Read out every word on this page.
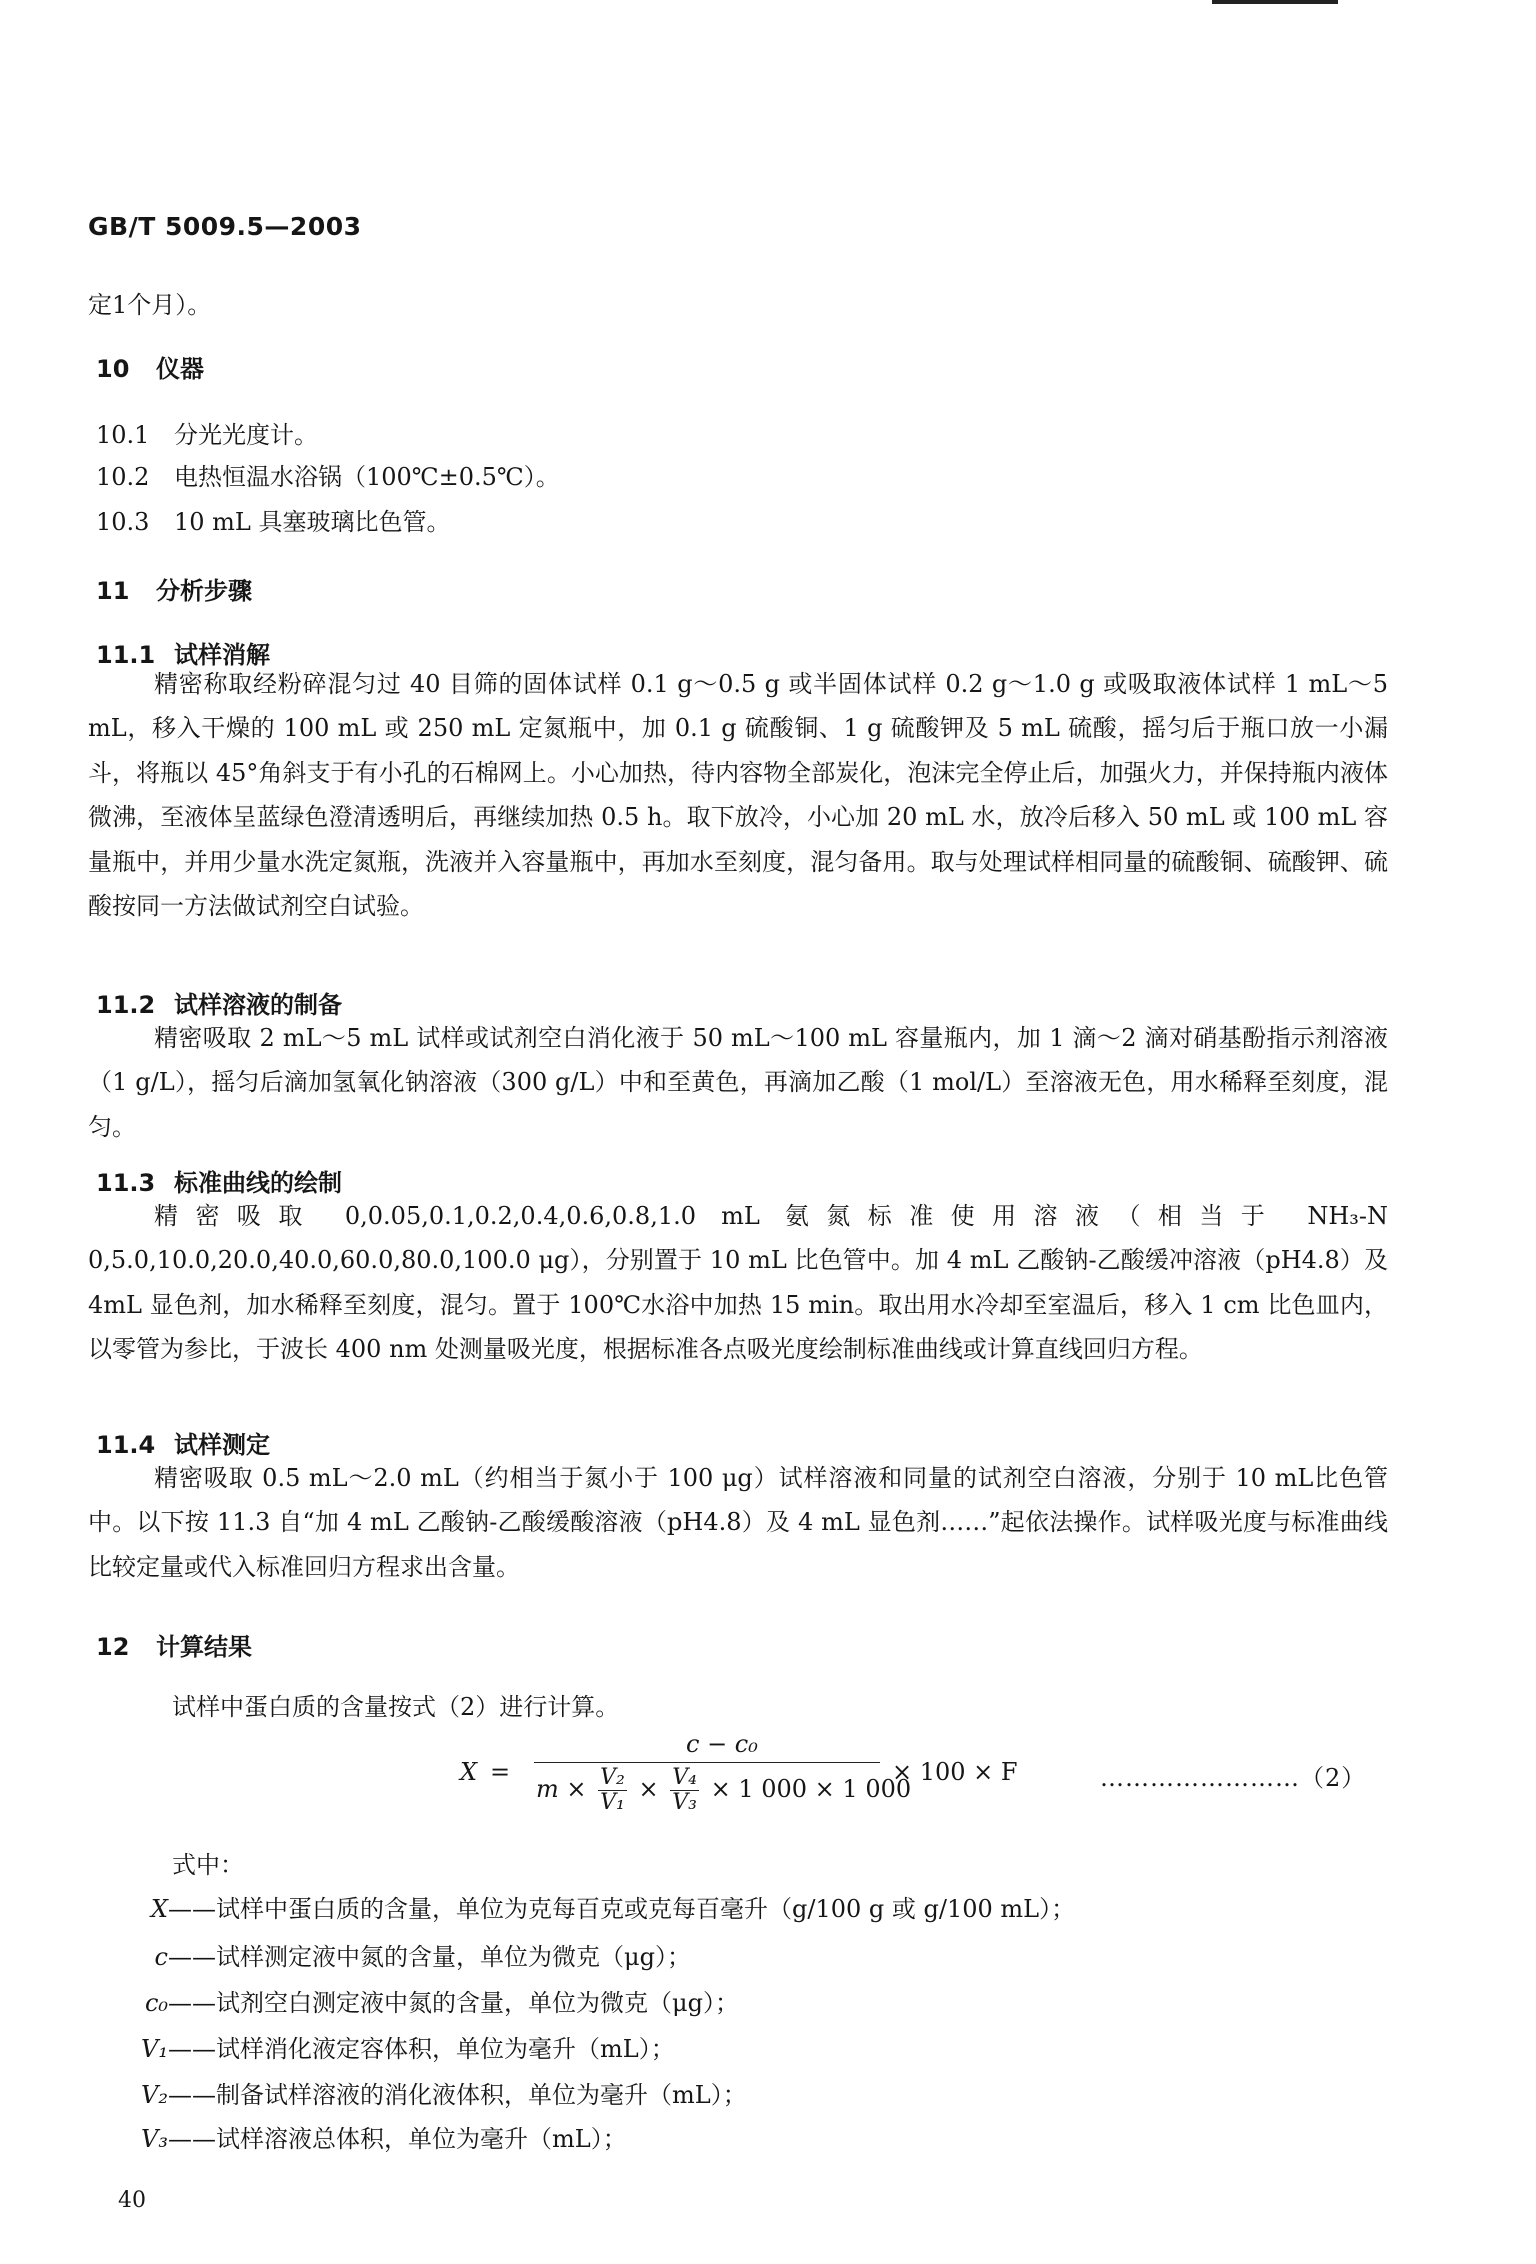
GB/T 5009.5—2003
定1个月）。
10 仪器
10.1 分光光度计。
10.2 电热恒温水浴锅（100℃±0.5℃）。
10.3 10 mL 具塞玻璃比色管。
11 分析步骤
11.1 试样消解
精密称取经粉碎混匀过 40 目筛的固体试样 0.1 g～0.5 g 或半固体试样 0.2 g～1.0 g 或吸取液体试样 1 mL～5 mL，移入干燥的 100 mL 或 250 mL 定氮瓶中，加 0.1 g 硫酸铜、1 g 硫酸钾及 5 mL 硫酸，摇匀后于瓶口放一小漏斗，将瓶以 45°角斜支于有小孔的石棉网上。小心加热，待内容物全部炭化，泡沫完全停止后，加强火力，并保持瓶内液体微沸，至液体呈蓝绿色澄清透明后，再继续加热 0.5 h。取下放冷，小心加 20 mL 水，放冷后移入 50 mL 或 100 mL 容量瓶中，并用少量水洗定氮瓶，洗液并入容量瓶中，再加水至刻度，混匀备用。取与处理试样相同量的硫酸铜、硫酸钾、硫酸按同一方法做试剂空白试验。
11.2 试样溶液的制备
精密吸取 2 mL～5 mL 试样或试剂空白消化液于 50 mL～100 mL 容量瓶内，加 1 滴～2 滴对硝基酚指示剂溶液（1 g/L），摇匀后滴加氢氧化钠溶液（300 g/L）中和至黄色，再滴加乙酸（1 mol/L）至溶液无色，用水稀释至刻度，混匀。
11.3 标准曲线的绘制
精密吸取 0,0.05,0.1,0.2,0.4,0.6,0.8,1.0 mL 氨氮标准使用溶液（相当于 NH₃-N 0,5.0,10.0,20.0,40.0,60.0,80.0,100.0 μg），分别置于 10 mL 比色管中。加 4 mL 乙酸钠-乙酸缓冲溶液（pH4.8）及 4mL 显色剂，加水稀释至刻度，混匀。置于 100℃水浴中加热 15 min。取出用水冷却至室温后，移入 1 cm 比色皿内，以零管为参比，于波长 400 nm 处测量吸光度，根据标准各点吸光度绘制标准曲线或计算直线回归方程。
11.4 试样测定
精密吸取 0.5 mL～2.0 mL（约相当于氮小于 100 μg）试样溶液和同量的试剂空白溶液，分别于 10 mL比色管中。以下按 11.3 自“加 4 mL 乙酸钠-乙酸缓酸溶液（pH4.8）及 4 mL 显色剂……”起依法操作。试样吸光度与标准曲线比较定量或代入标准回归方程求出含量。
12 计算结果
试样中蛋白质的含量按式（2）进行计算。
X =
c − c₀
$m \times \frac{\text{V₂}}{\text{V₁}} \times \frac{\text{V₄}}{\text{V₃}} \times 1$ 000 × 1 000
× 100 × F	……………………（2）
式中：
X——试样中蛋白质的含量，单位为克每百克或克每百毫升（g/100 g 或 g/100 mL）；
c——试样测定液中氮的含量，单位为微克（μg）；
c₀——试剂空白测定液中氮的含量，单位为微克（μg）；
V₁——试样消化液定容体积，单位为毫升（mL）；
V₂——制备试样溶液的消化液体积，单位为毫升（mL）；
V₃——试样溶液总体积，单位为毫升（mL）；
40
